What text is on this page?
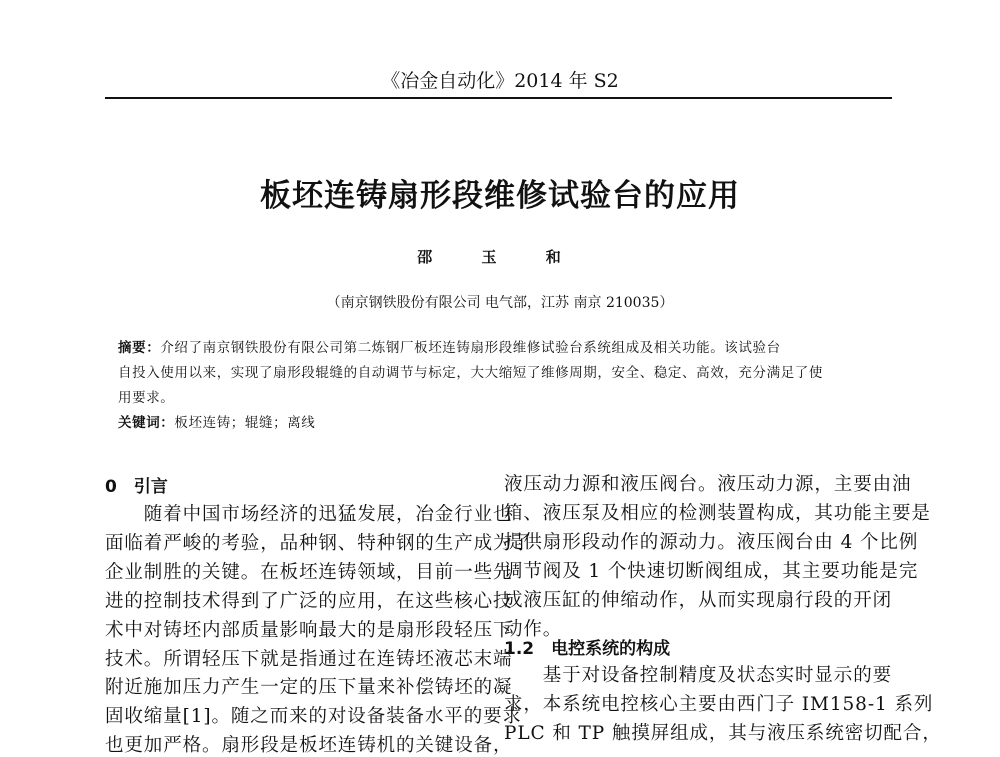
《冶金自动化》2014 年 S2
板坯连铸扇形段维修试验台的应用
邵 玉 和
（南京钢铁股份有限公司 电气部，江苏 南京 210035）
摘要：介绍了南京钢铁股份有限公司第二炼钢厂板坯连铸扇形段维修试验台系统组成及相关功能。该试验台
自投入使用以来，实现了扇形段辊缝的自动调节与标定，大大缩短了维修周期，安全、稳定、高效，充分满足了使
用要求。
关键词：板坯连铸；辊缝；离线
0　引言
1.2　电控系统的构成
　　随着中国市场经济的迅猛发展，冶金行业也
面临着严峻的考验，品种钢、特种钢的生产成为了
企业制胜的关键。在板坯连铸领域，目前一些先
进的控制技术得到了广泛的应用，在这些核心技
术中对铸坯内部质量影响最大的是扇形段轻压下
技术。所谓轻压下就是指通过在连铸坯液芯末端
附近施加压力产生一定的压下量来补偿铸坯的凝
固收缩量[1]。随之而来的对设备装备水平的要求
也更加严格。扇形段是板坯连铸机的关键设备，
液压动力源和液压阀台。液压动力源，主要由油
箱、液压泵及相应的检测装置构成，其功能主要是
提供扇形段动作的源动力。液压阀台由 4 个比例
调节阀及 1 个快速切断阀组成，其主要功能是完
成液压缸的伸缩动作，从而实现扇行段的开闭
动作。
　　基于对设备控制精度及状态实时显示的要
求，本系统电控核心主要由西门子 IM158-1 系列
PLC 和 TP 触摸屏组成，其与液压系统密切配合，
